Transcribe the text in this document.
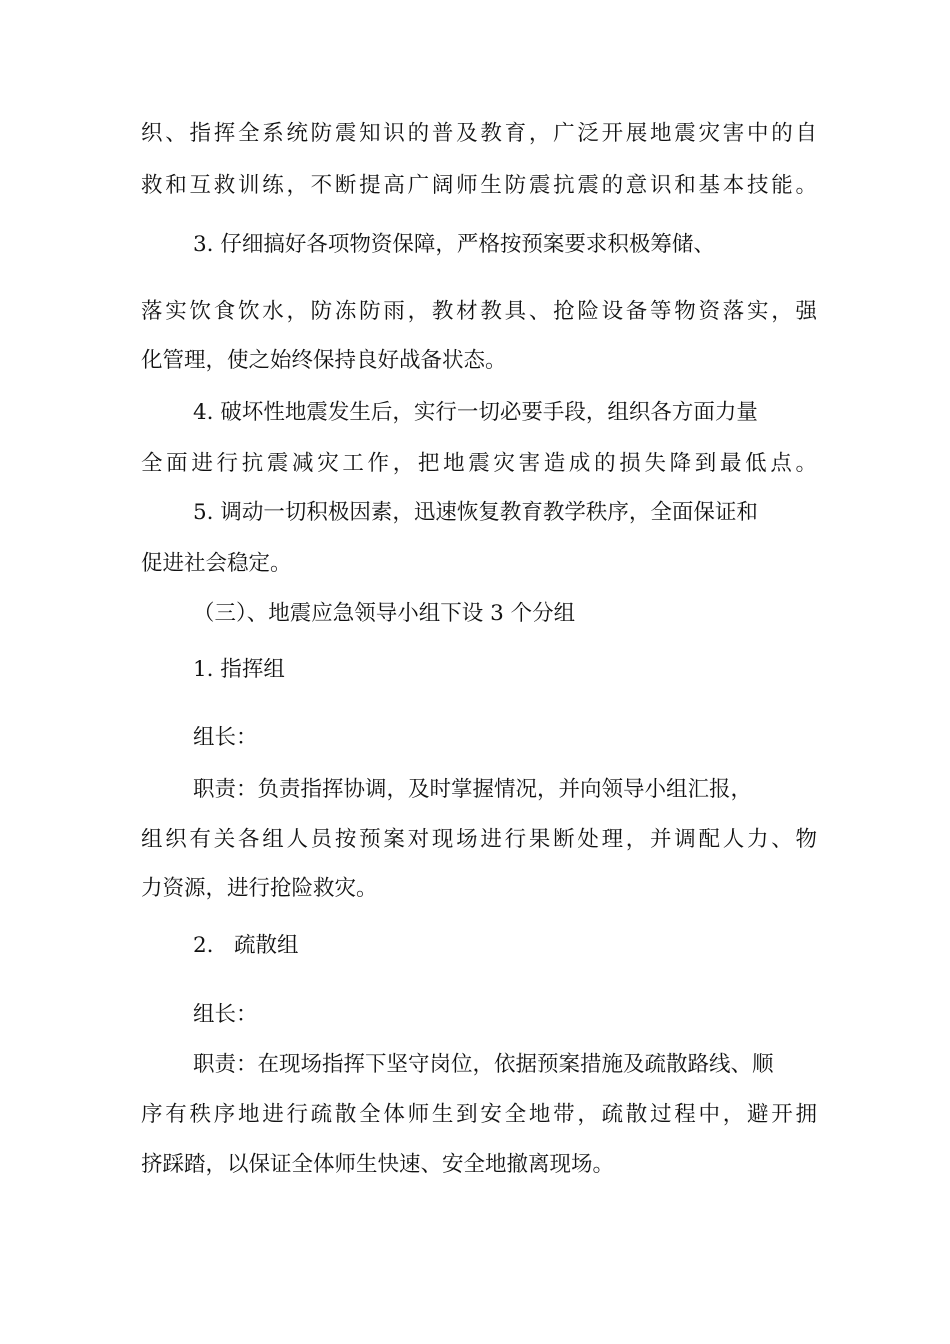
织、指挥全系统防震知识的普及教育，广泛开展地震灾害中的自
救和互救训练，不断提高广阔师生防震抗震的意识和基本技能。
3. 仔细搞好各项物资保障，严格按预案要求积极筹储、
落实饮食饮水，防冻防雨，教材教具、抢险设备等物资落实，强
化管理，使之始终保持良好战备状态。
4. 破坏性地震发生后，实行一切必要手段，组织各方面力量
全面进行抗震减灾工作，把地震灾害造成的损失降到最低点。
5. 调动一切积极因素，迅速恢复教育教学秩序，全面保证和
促进社会稳定。
（三）、地震应急领导小组下设 3 个分组
1. 指挥组
组长：
职责：负责指挥协调，及时掌握情况，并向领导小组汇报，
组织有关各组人员按预案对现场进行果断处理，并调配人力、物
力资源，进行抢险救灾。
2.   疏散组
组长：
职责：在现场指挥下坚守岗位，依据预案措施及疏散路线、顺
序有秩序地进行疏散全体师生到安全地带，疏散过程中，避开拥
挤踩踏，以保证全体师生快速、安全地撤离现场。
